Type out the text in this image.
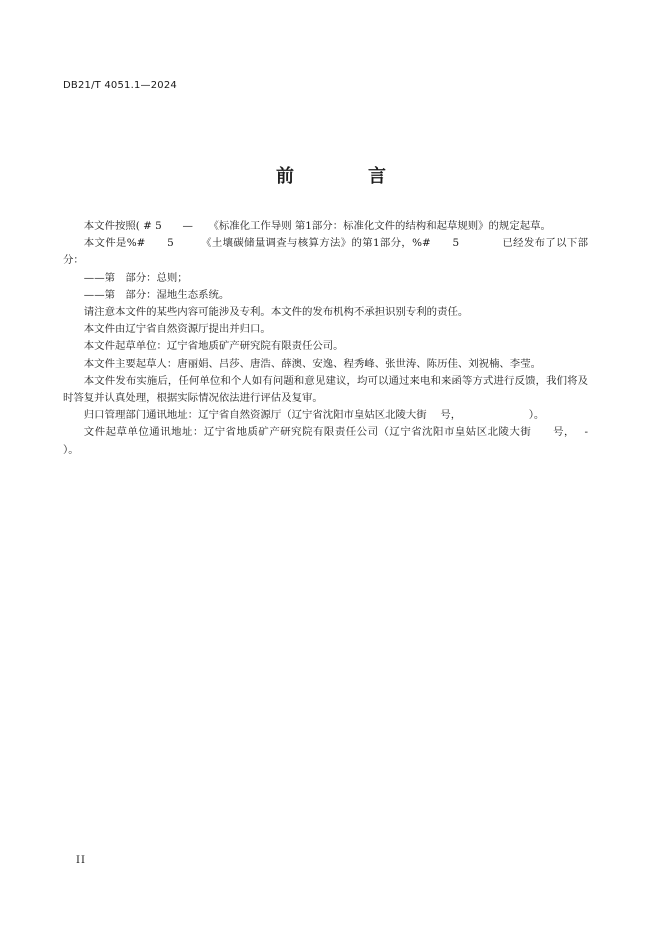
DB21/T 4051.1—2024
前　言

本文件按照( # 5　　—　　《标准化工作导则 第1部分：标准化文件的结构和起草规则》的规定起草。

本文件是%#　　5　　　《土壤碳储量调查与核算方法》的第1部分，%#　　5　　　　已经发布了以下部分：

——第　部分：总则；

——第　部分：湿地生态系统。

请注意本文件的某些内容可能涉及专利。本文件的发布机构不承担识别专利的责任。

本文件由辽宁省自然资源厅提出并归口。

本文件起草单位：辽宁省地质矿产研究院有限责任公司。

本文件主要起草人：唐丽娟、吕莎、唐浩、薛澳、安逸、程秀峰、张世涛、陈历佳、刘祝楠、李莹。

本文件发布实施后，任何单位和个人如有问题和意见建议，均可以通过来电和来函等方式进行反馈，我们将及时答复并认真处理，根据实际情况依法进行评估及复审。

归口管理部门通讯地址：辽宁省自然资源厅（辽宁省沈阳市皇姑区北陵大街　 号，　　　　　　　）。

文件起草单位通讯地址：辽宁省地质矿产研究院有限责任公司（辽宁省沈阳市皇姑区北陵大街　　号，　 -　　　　）。

II
